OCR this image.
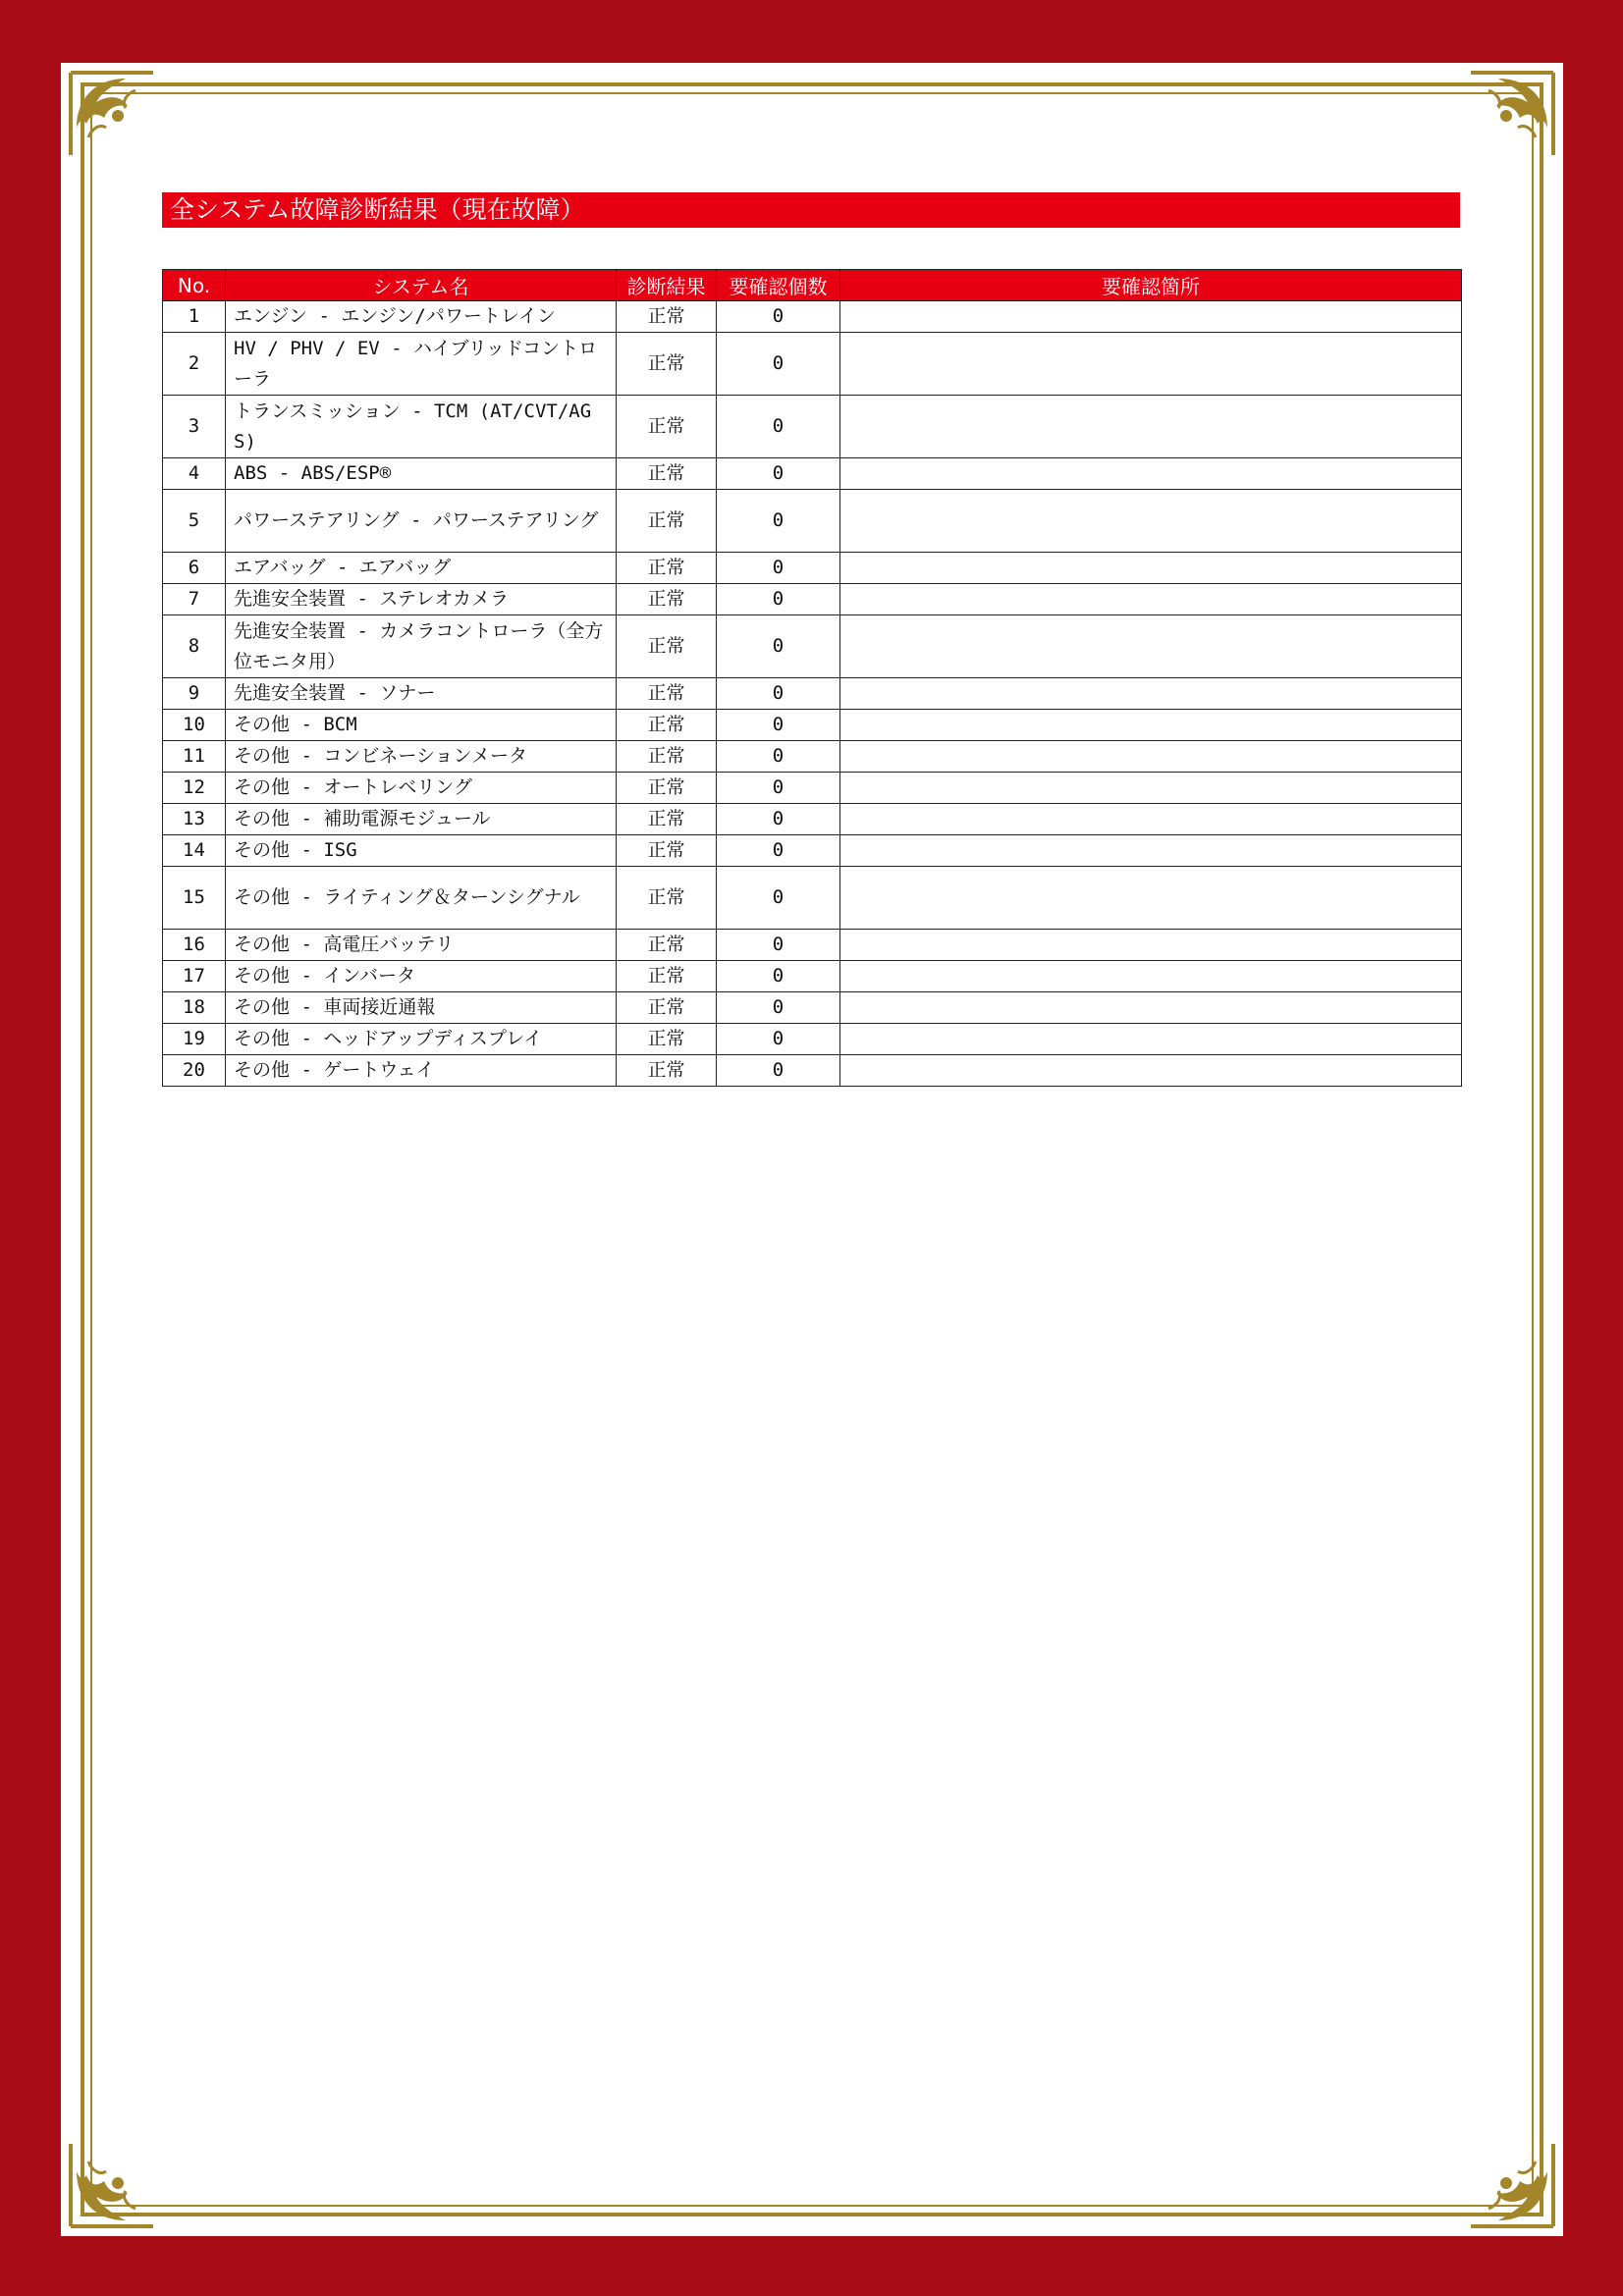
全システム故障診断結果（現在故障）
No.	システム名	診断結果	要確認個数	要確認箇所
1	エンジン - エンジン/パワートレイン	正常	0	
2	HV / PHV / EV - ハイブリッドコントローラ	正常	0	
3	トランスミッション - TCM (AT/CVT/AGS)	正常	0	
4	ABS - ABS/ESP®	正常	0	
5	パワーステアリング - パワーステアリング	正常	0	
6	エアバッグ - エアバッグ	正常	0	
7	先進安全装置 - ステレオカメラ	正常	0	
8	先進安全装置 - カメラコントローラ（全方位モニタ用）	正常	0	
9	先進安全装置 - ソナー	正常	0	
10	その他 - BCM	正常	0	
11	その他 - コンビネーションメータ	正常	0	
12	その他 - オートレベリング	正常	0	
13	その他 - 補助電源モジュール	正常	0	
14	その他 - ISG	正常	0	
15	その他 - ライティング＆ターンシグナル	正常	0	
16	その他 - 高電圧バッテリ	正常	0	
17	その他 - インバータ	正常	0	
18	その他 - 車両接近通報	正常	0	
19	その他 - ヘッドアップディスプレイ	正常	0	
20	その他 - ゲートウェイ	正常	0	
